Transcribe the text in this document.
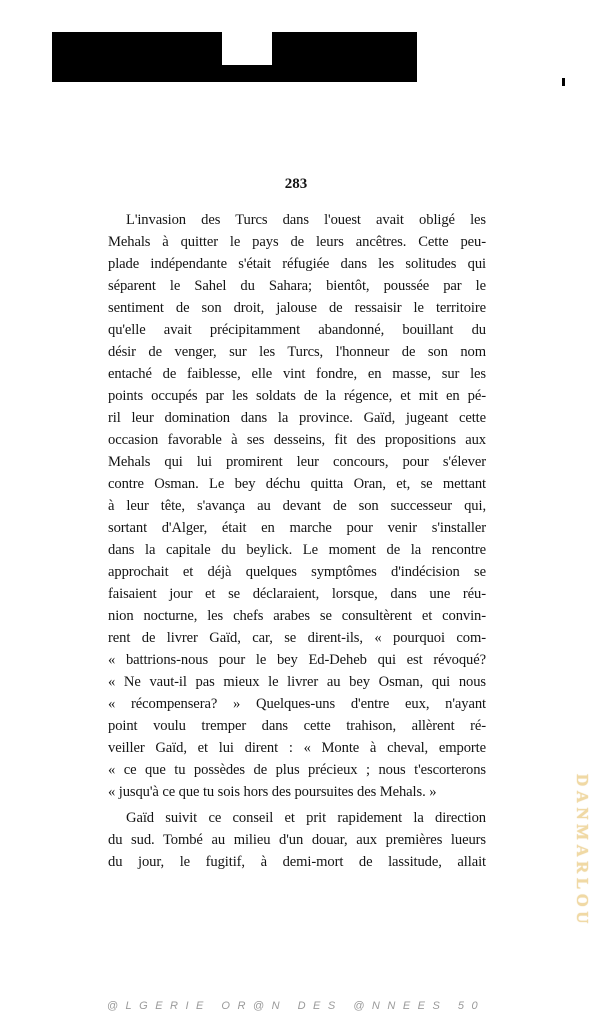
283
L'invasion des Turcs dans l'ouest avait obligé les
Mehals à quitter le pays de leurs ancêtres. Cette peu-
plade indépendante s'était réfugiée dans les solitudes qui
séparent le Sahel du Sahara; bientôt, poussée par le
sentiment de son droit, jalouse de ressaisir le territoire
qu'elle avait précipitamment abandonné, bouillant du
désir de venger, sur les Turcs, l'honneur de son nom
entaché de faiblesse, elle vint fondre, en masse, sur les
points occupés par les soldats de la régence, et mit en pé-
ril leur domination dans la province. Gaïd, jugeant cette
occasion favorable à ses desseins, fit des propositions aux
Mehals qui lui promirent leur concours, pour s'élever
contre Osman. Le bey déchu quitta Oran, et, se mettant
à leur tête, s'avança au devant de son successeur qui,
sortant d'Alger, était en marche pour venir s'installer
dans la capitale du beylick. Le moment de la rencontre
approchait et déjà quelques symptômes d'indécision se
faisaient jour et se déclaraient, lorsque, dans une réu-
nion nocturne, les chefs arabes se consultèrent et convin-
rent de livrer Gaïd, car, se dirent-ils, « pourquoi com-
« battrions-nous pour le bey Ed-Deheb qui est révoqué?
« Ne vaut-il pas mieux le livrer au bey Osman, qui nous
« récompensera? » Quelques-uns d'entre eux, n'ayant
point voulu tremper dans cette trahison, allèrent ré-
veiller Gaïd, et lui dirent : « Monte à cheval, emporte
« ce que tu possèdes de plus précieux ; nous t'escorterons
« jusqu'à ce que tu sois hors des poursuites des Mehals. »
Gaïd suivit ce conseil et prit rapidement la direction
du sud. Tombé au milieu d'un douar, aux premières lueurs
du jour, le fugitif, à demi-mort de lassitude, allait	DANMARLOU
@LGERIE OR@N DES @NNEES 50
